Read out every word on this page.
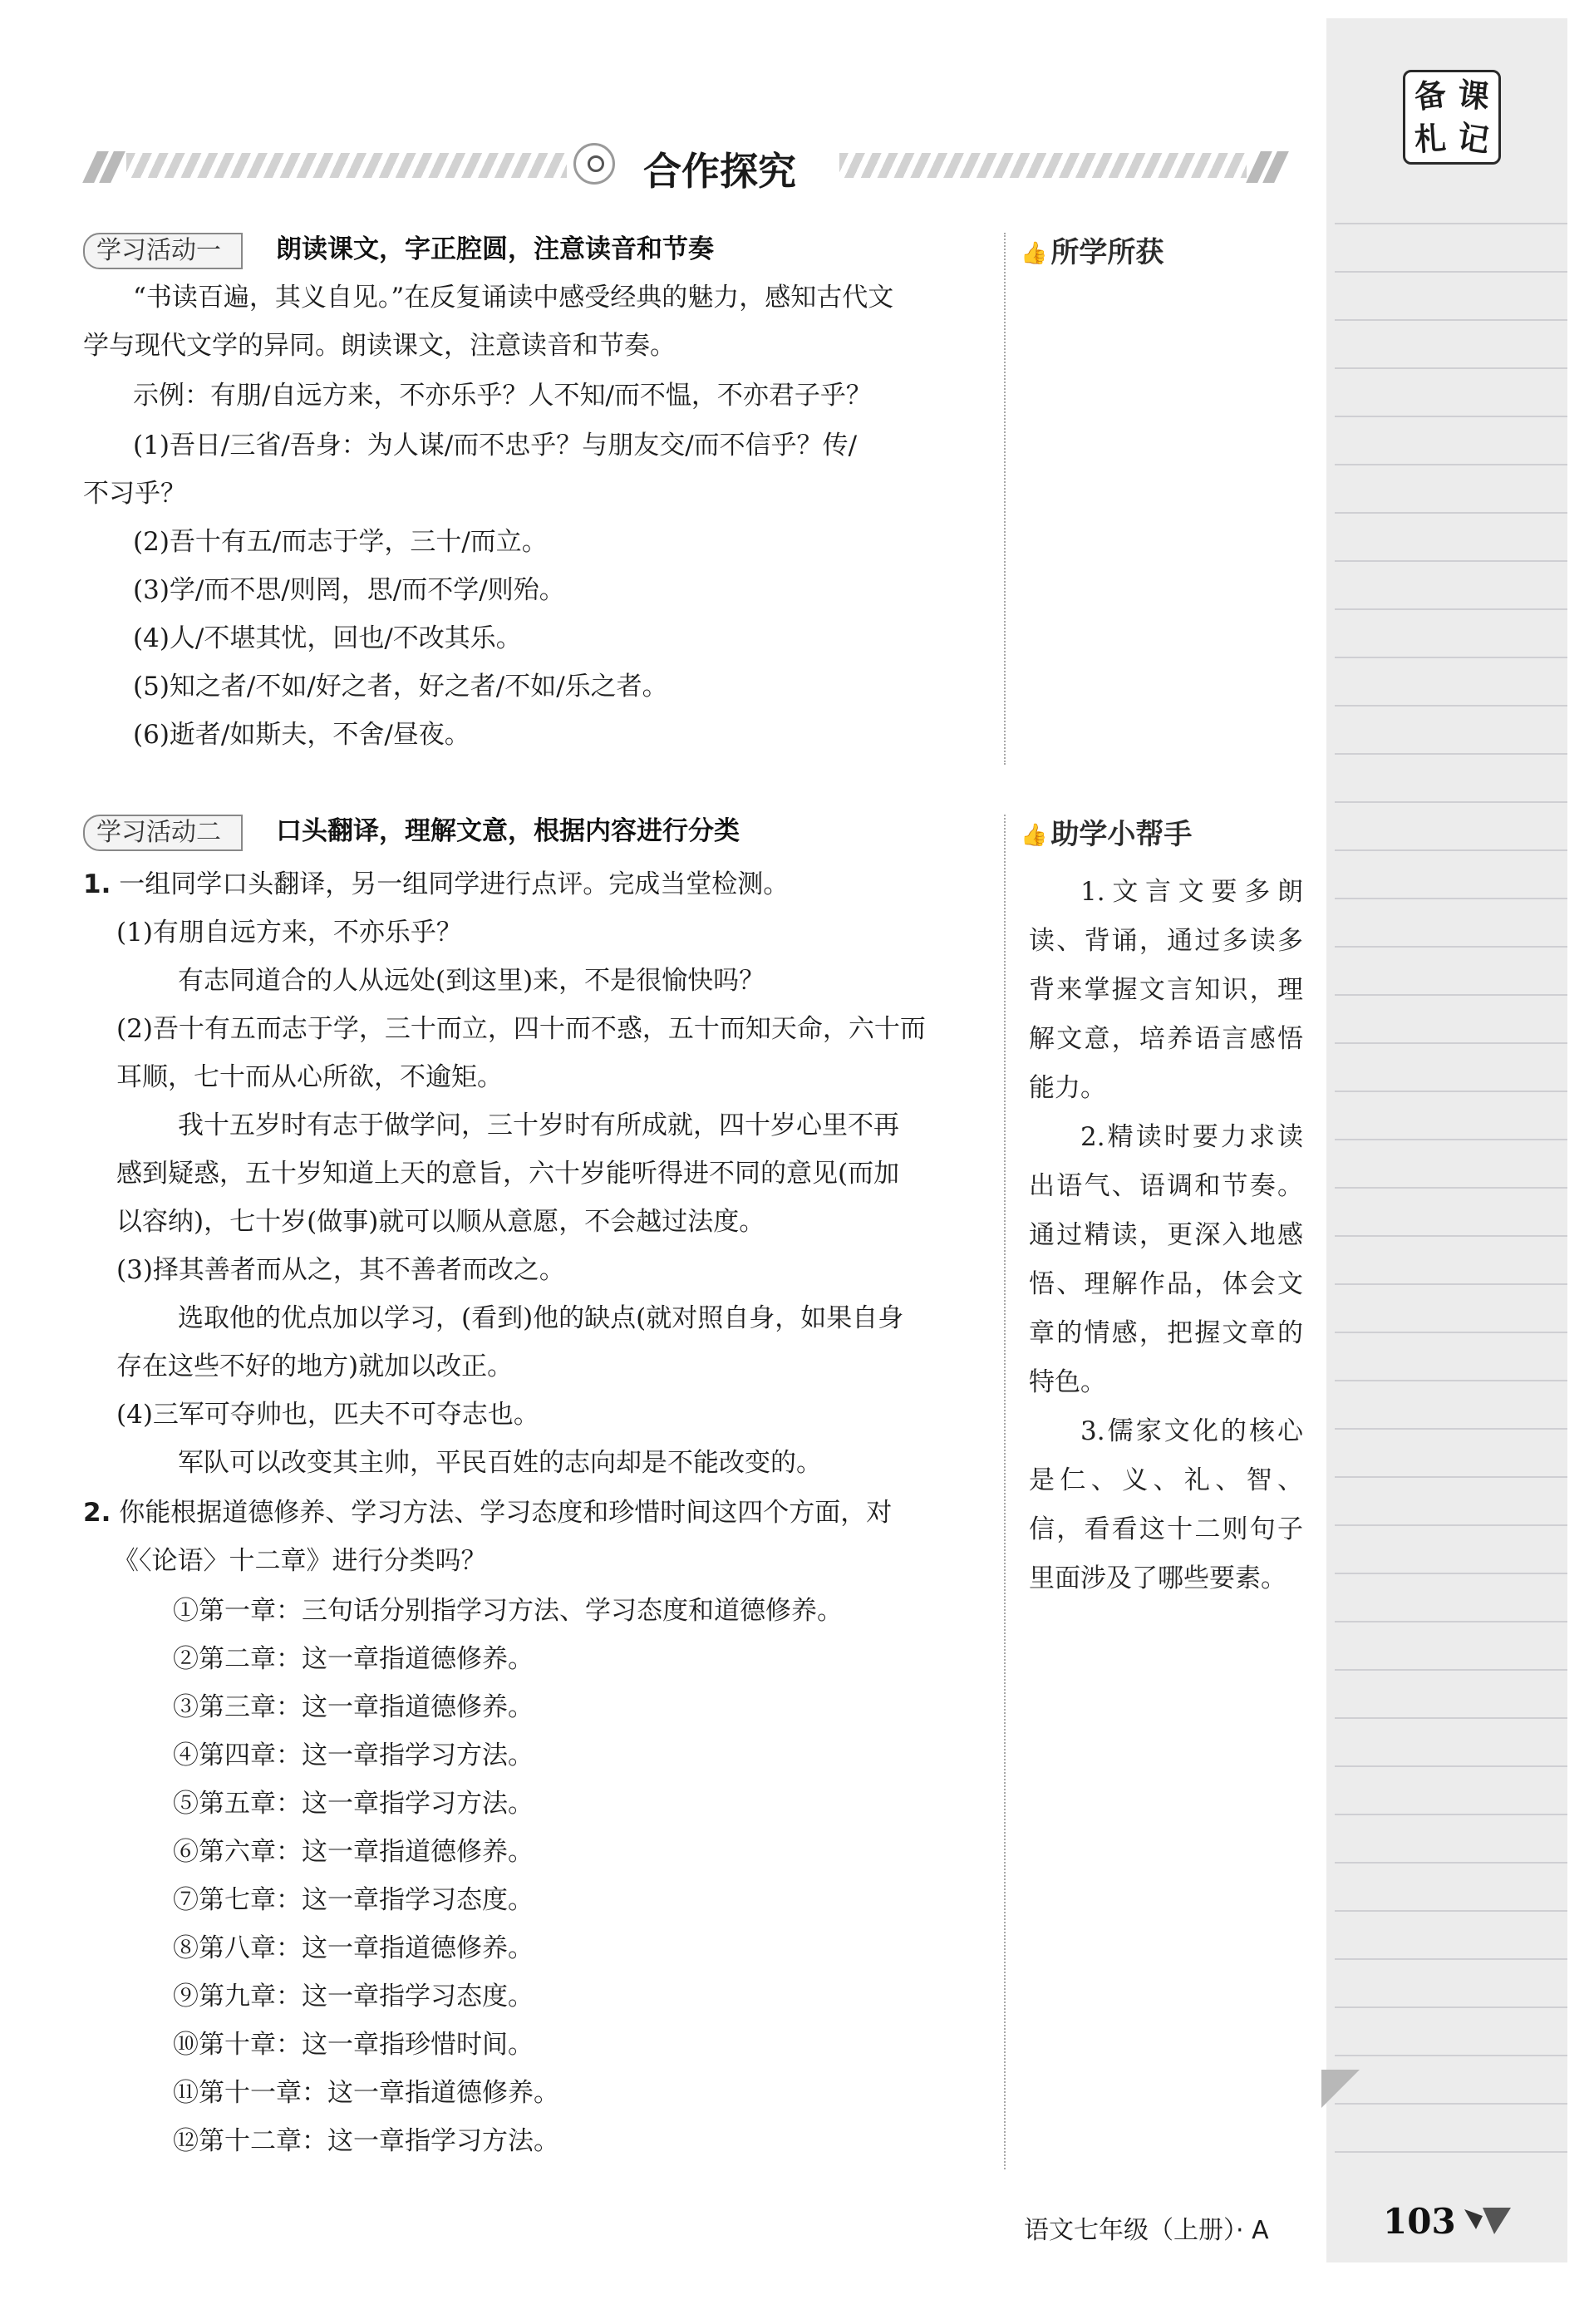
备 课
札 记
合作探究
学习活动一	朗读课文，字正腔圆，注意读音和节奏
“书读百遍，其义自见。”在反复诵读中感受经典的魅力，感知古代文
学与现代文学的异同。朗读课文，注意读音和节奏。
示例：有朋/自远方来，不亦乐乎？人不知/而不愠，不亦君子乎？
(1)吾日/三省/吾身：为人谋/而不忠乎？与朋友交/而不信乎？传/
不习乎？
(2)吾十有五/而志于学，三十/而立。
(3)学/而不思/则罔，思/而不学/则殆。
(4)人/不堪其忧，回也/不改其乐。
(5)知之者/不如/好之者，好之者/不如/乐之者。
(6)逝者/如斯夫，不舍/昼夜。
👍 所学所获
学习活动二	口头翻译，理解文意，根据内容进行分类
1. 一组同学口头翻译，另一组同学进行点评。完成当堂检测。
(1)有朋自远方来，不亦乐乎？
有志同道合的人从远处(到这里)来，不是很愉快吗？
(2)吾十有五而志于学，三十而立，四十而不惑，五十而知天命，六十而
耳顺，七十而从心所欲，不逾矩。
我十五岁时有志于做学问，三十岁时有所成就，四十岁心里不再
感到疑惑，五十岁知道上天的意旨，六十岁能听得进不同的意见(而加
以容纳)，七十岁(做事)就可以顺从意愿，不会越过法度。
(3)择其善者而从之，其不善者而改之。
选取他的优点加以学习，(看到)他的缺点(就对照自身，如果自身
存在这些不好的地方)就加以改正。
(4)三军可夺帅也，匹夫不可夺志也。
军队可以改变其主帅，平民百姓的志向却是不能改变的。
2. 你能根据道德修养、学习方法、学习态度和珍惜时间这四个方面，对
《〈论语〉十二章》进行分类吗？
①第一章：三句话分别指学习方法、学习态度和道德修养。
②第二章：这一章指道德修养。
③第三章：这一章指道德修养。
④第四章：这一章指学习方法。
⑤第五章：这一章指学习方法。
⑥第六章：这一章指道德修养。
⑦第七章：这一章指学习态度。
⑧第八章：这一章指道德修养。
⑨第九章：这一章指学习态度。
⑩第十章：这一章指珍惜时间。
⑪第十一章：这一章指道德修养。
⑫第十二章：这一章指学习方法。
👍 助学小帮手

1.文言文要多朗读、背诵，通过多读多背来掌握文言知识，理解文意，培养语言感悟能力。

2.精读时要力求读出语气、语调和节奏。通过精读，更深入地感悟、理解作品，体会文章的情感，把握文章的特色。

3.儒家文化的核心是仁、义、礼、智、信，看看这十二则句子里面涉及了哪些要素。

语文七年级（上册）· A	103
